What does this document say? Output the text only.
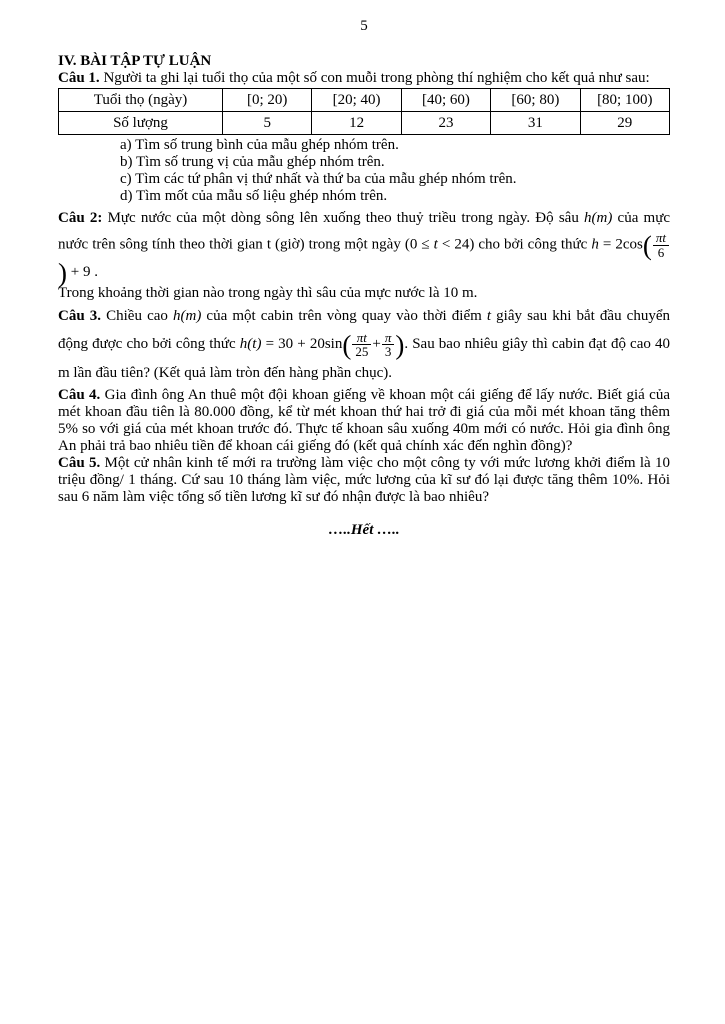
5
IV. BÀI TẬP TỰ LUẬN
Câu 1. Người ta ghi lại tuổi thọ của một số con muỗi trong phòng thí nghiệm cho kết quả như sau:
Tuổi thọ (ngày)	[0; 20)	[20; 40)	[40; 60)	[60; 80)	[80; 100)
Số lượng	5	12	23	31	29
a) Tìm số trung bình của mẫu ghép nhóm trên.
b) Tìm số trung vị của mẫu ghép nhóm trên.
c) Tìm các tứ phân vị thứ nhất và thứ ba của mẫu ghép nhóm trên.
d) Tìm mốt của mẫu số liệu ghép nhóm trên.
Câu 2: Mực nước của một dòng sông lên xuống theo thuỷ triều trong ngày. Độ sâu h(m) của mực nước trên sông tính theo thời gian t (giờ) trong một ngày (0 ≤ t < 24) cho bởi công thức $h = 2\cos( \frac{\pi t}{6}$
) + 9 .
Trong khoảng thời gian nào trong ngày thì sâu của mực nước là 10 m.
Câu 3. Chiều cao h(m) của một cabin trên vòng quay vào thời điểm t giây sau khi bắt đầu chuyển động được cho bởi công thức $h(t) = 30 + 20\sin( \frac{\pi t}{25} + \frac{\pi}{3}$ ). Sau bao nhiêu giây thì cabin đạt độ cao 40 m lần đầu tiên? (Kết quả làm tròn đến hàng phần chục).
Câu 4. Gia đình ông An thuê một đội khoan giếng về khoan một cái giếng để lấy nước. Biết giá của mét khoan đầu tiên là 80.000 đồng, kể từ mét khoan thứ hai trở đi giá của mỗi mét khoan tăng thêm 5% so với giá của mét khoan trước đó. Thực tế khoan sâu xuống 40m mới có nước. Hỏi gia đình ông An phải trả bao nhiêu tiền để khoan cái giếng đó (kết quả chính xác đến nghìn đồng)?
Câu 5. Một cử nhân kinh tế mới ra trường làm việc cho một công ty với mức lương khởi điểm là 10 triệu đồng/ 1 tháng. Cứ sau 10 tháng làm việc, mức lương của kĩ sư đó lại được tăng thêm 10%. Hỏi sau 6 năm làm việc tổng số tiền lương kĩ sư đó nhận được là bao nhiêu?
…..Hết …..
